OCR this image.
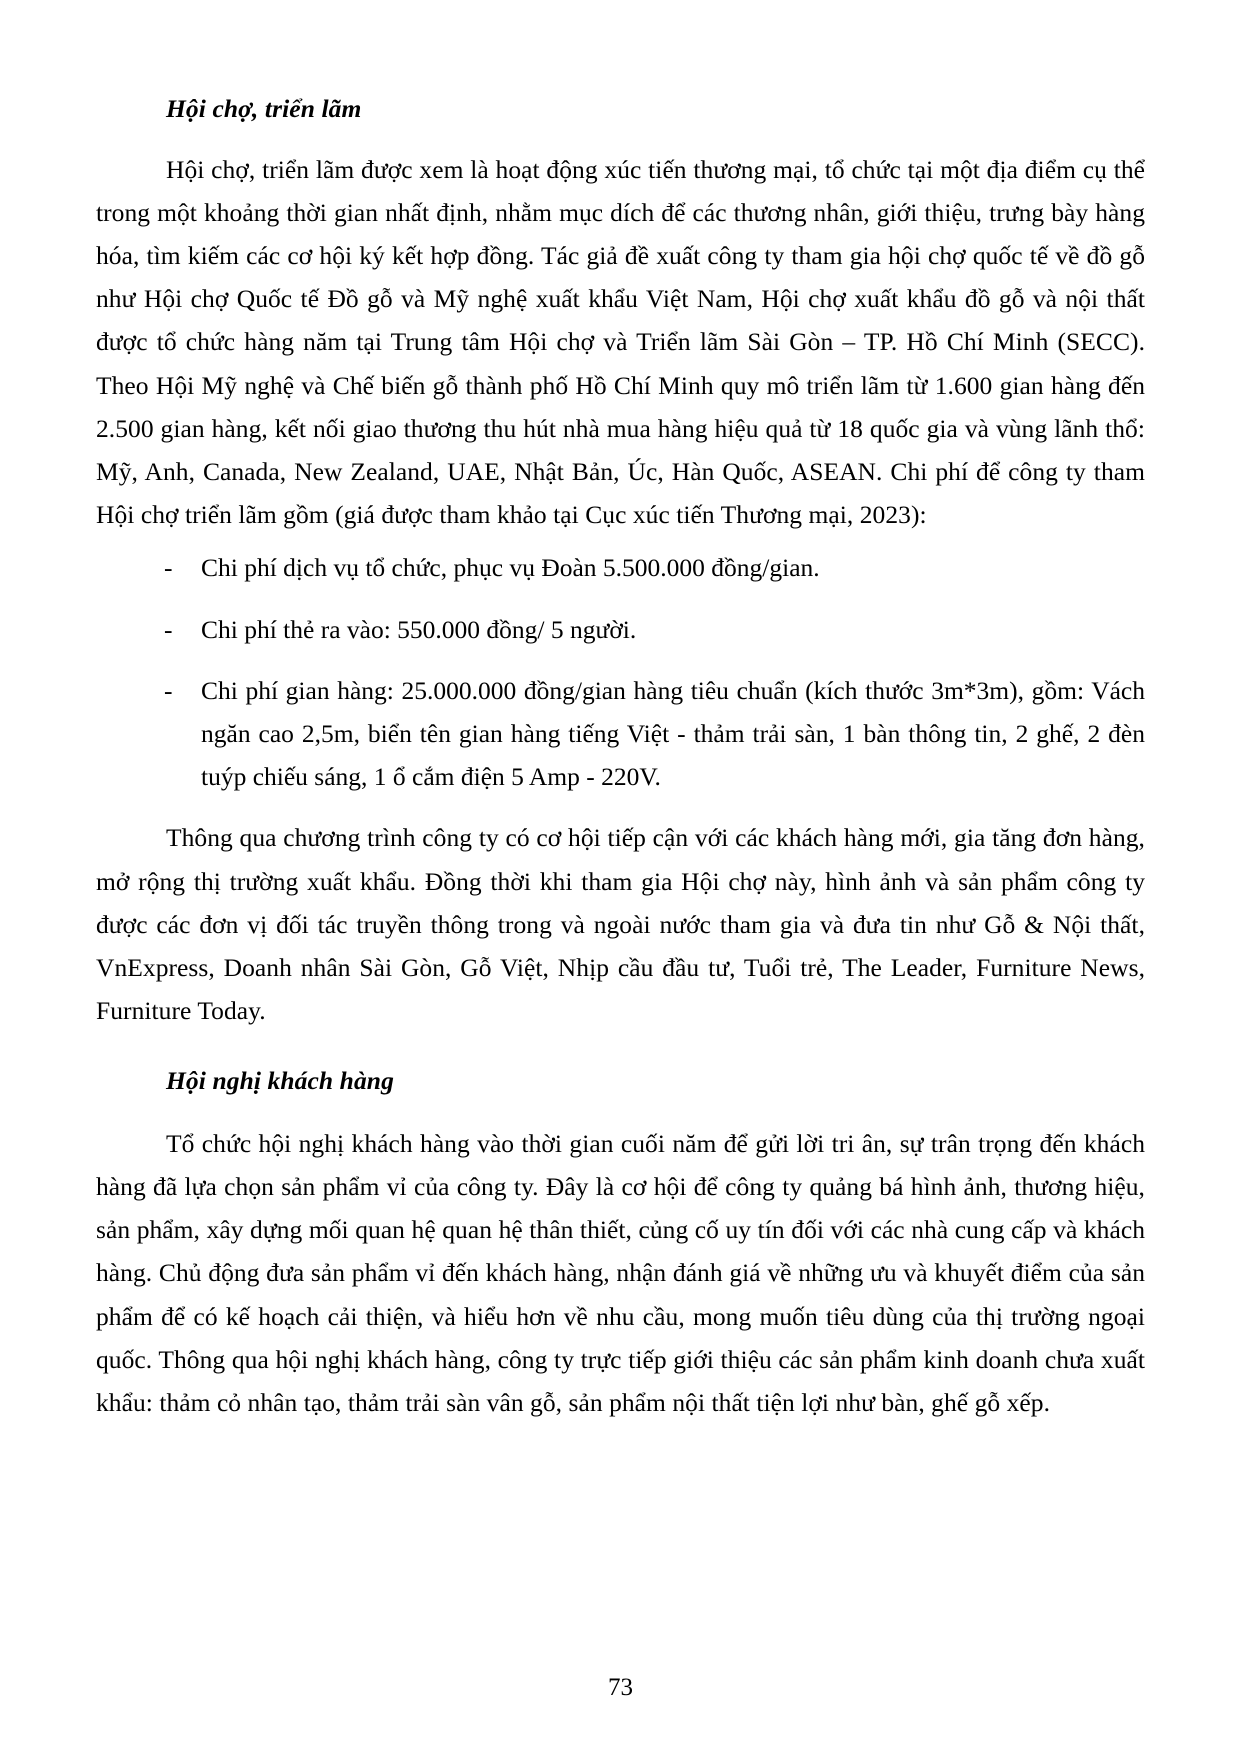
Hội chợ, triển lãm

Hội chợ, triển lãm được xem là hoạt động xúc tiến thương mại, tổ chức tại một địa điểm cụ thể trong một khoảng thời gian nhất định, nhằm mục dích để các thương nhân, giới thiệu, trưng bày hàng hóa, tìm kiếm các cơ hội ký kết hợp đồng. Tác giả đề xuất công ty tham gia hội chợ quốc tế về đồ gỗ như Hội chợ Quốc tế Đồ gỗ và Mỹ nghệ xuất khẩu Việt Nam, Hội chợ xuất khẩu đồ gỗ và nội thất được tổ chức hàng năm tại Trung tâm Hội chợ và Triển lãm Sài Gòn – TP. Hồ Chí Minh (SECC). Theo Hội Mỹ nghệ và Chế biến gỗ thành phố Hồ Chí Minh quy mô triển lãm từ 1.600 gian hàng đến 2.500 gian hàng, kết nối giao thương thu hút nhà mua hàng hiệu quả từ 18 quốc gia và vùng lãnh thổ: Mỹ, Anh, Canada, New Zealand, UAE, Nhật Bản, Úc, Hàn Quốc, ASEAN. Chi phí để công ty tham Hội chợ triển lãm gồm (giá được tham khảo tại Cục xúc tiến Thương mại, 2023):

- Chi phí dịch vụ tổ chức, phục vụ Đoàn 5.500.000 đồng/gian.
- Chi phí thẻ ra vào: 550.000 đồng/ 5 người.
- Chi phí gian hàng: 25.000.000 đồng/gian hàng tiêu chuẩn (kích thước 3m*3m), gồm: Vách ngăn cao 2,5m, biển tên gian hàng tiếng Việt - thảm trải sàn, 1 bàn thông tin, 2 ghế, 2 đèn tuýp chiếu sáng, 1 ổ cắm điện 5 Amp - 220V.

Thông qua chương trình công ty có cơ hội tiếp cận với các khách hàng mới, gia tăng đơn hàng, mở rộng thị trường xuất khẩu. Đồng thời khi tham gia Hội chợ này, hình ảnh và sản phẩm công ty được các đơn vị đối tác truyền thông trong và ngoài nước tham gia và đưa tin như Gỗ & Nội thất, VnExpress, Doanh nhân Sài Gòn, Gỗ Việt, Nhịp cầu đầu tư, Tuổi trẻ, The Leader, Furniture News, Furniture Today.

Hội nghị khách hàng

Tổ chức hội nghị khách hàng vào thời gian cuối năm để gửi lời tri ân, sự trân trọng đến khách hàng đã lựa chọn sản phẩm vỉ của công ty. Đây là cơ hội để công ty quảng bá hình ảnh, thương hiệu, sản phẩm, xây dựng mối quan hệ quan hệ thân thiết, củng cố uy tín đối với các nhà cung cấp và khách hàng. Chủ động đưa sản phẩm vỉ đến khách hàng, nhận đánh giá về những ưu và khuyết điểm của sản phẩm để có kế hoạch cải thiện, và hiểu hơn về nhu cầu, mong muốn tiêu dùng của thị trường ngoại quốc. Thông qua hội nghị khách hàng, công ty trực tiếp giới thiệu các sản phẩm kinh doanh chưa xuất khẩu: thảm cỏ nhân tạo, thảm trải sàn vân gỗ, sản phẩm nội thất tiện lợi như bàn, ghế gỗ xếp.

73
